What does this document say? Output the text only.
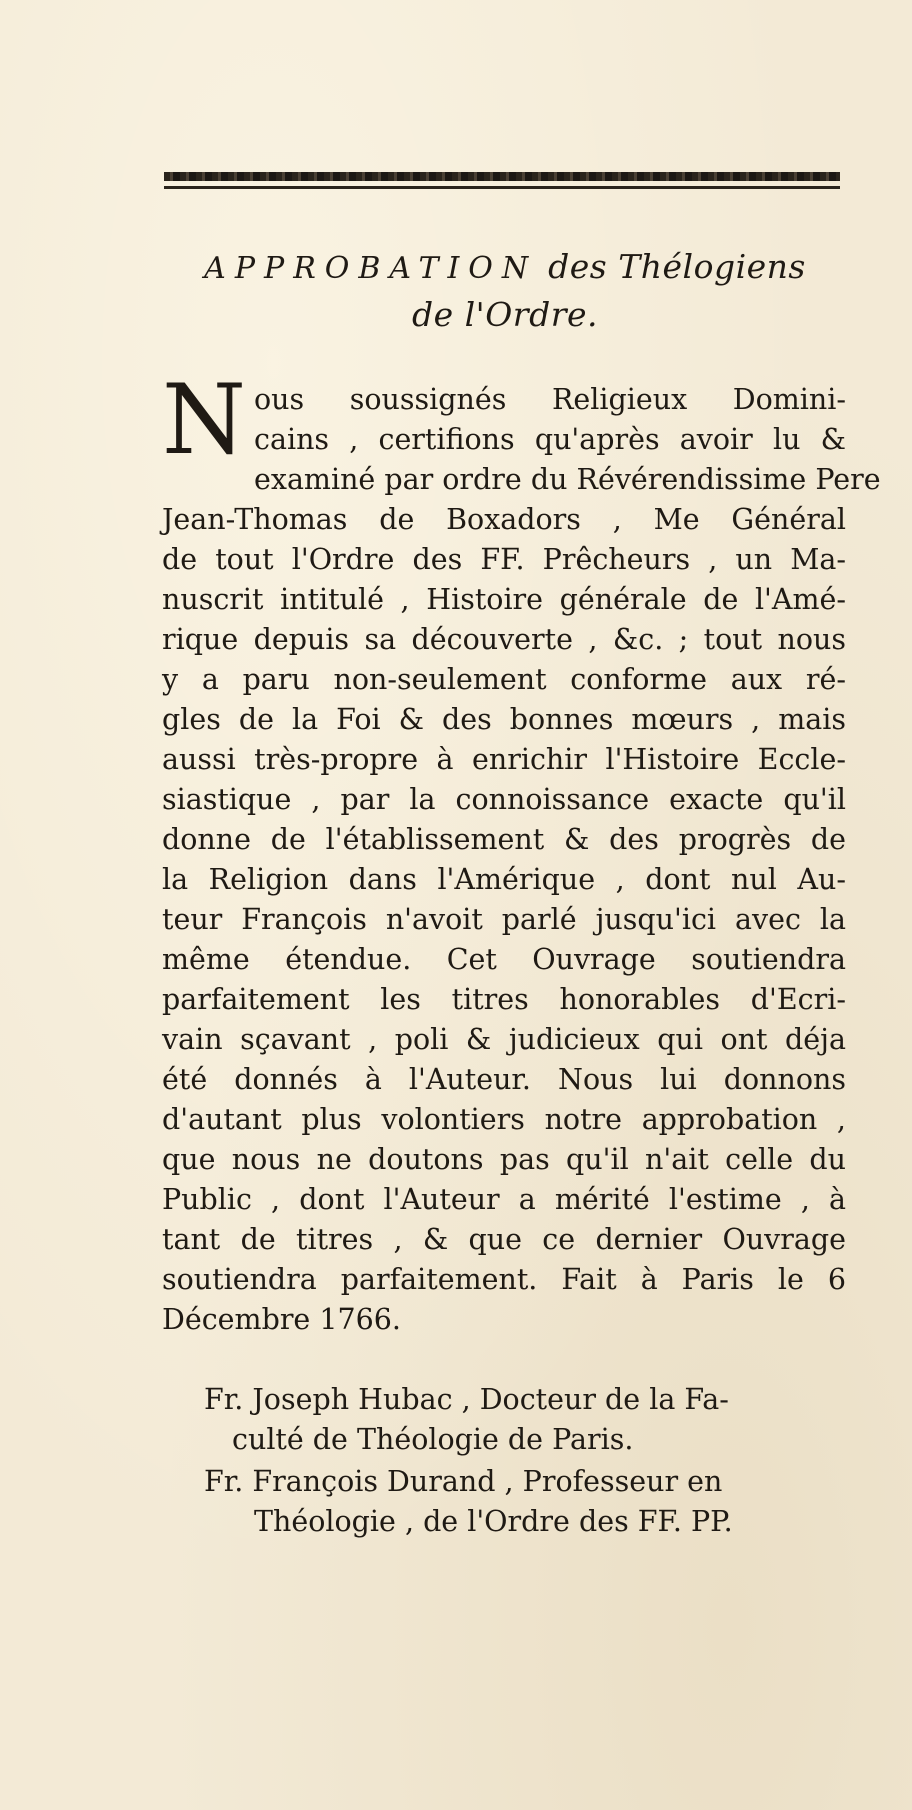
APPROBATION des Thélogiens
de l'Ordre.
N ous soussignés Religieux Domini-
cains , certifions qu'après avoir lu &
examiné par ordre du Révérendissime Pere
Jean-Thomas de Boxadors , Me Général
de tout l'Ordre des FF. Prêcheurs , un Ma-
nuscrit intitulé , Histoire générale de l'Amé-
rique depuis sa découverte , &c. ; tout nous
y a paru non-seulement conforme aux ré-
gles de la Foi & des bonnes mœurs , mais
aussi très-propre à enrichir l'Histoire Eccle-
siastique , par la connoissance exacte qu'il
donne de l'établissement & des progrès de
la Religion dans l'Amérique , dont nul Au-
teur François n'avoit parlé jusqu'ici avec la
même étendue. Cet Ouvrage soutiendra
parfaitement les titres honorables d'Ecri-
vain sçavant , poli & judicieux qui ont déja
été donnés à l'Auteur. Nous lui donnons
d'autant plus volontiers notre approbation ,
que nous ne doutons pas qu'il n'ait celle du
Public , dont l'Auteur a mérité l'estime , à
tant de titres , & que ce dernier Ouvrage
soutiendra parfaitement. Fait à Paris le 6
Décembre 1766.
Fr. Joseph Hubac , Docteur de la Fa-
culté de Théologie de Paris.
Fr. François Durand , Professeur en
Théologie , de l'Ordre des FF. PP.
